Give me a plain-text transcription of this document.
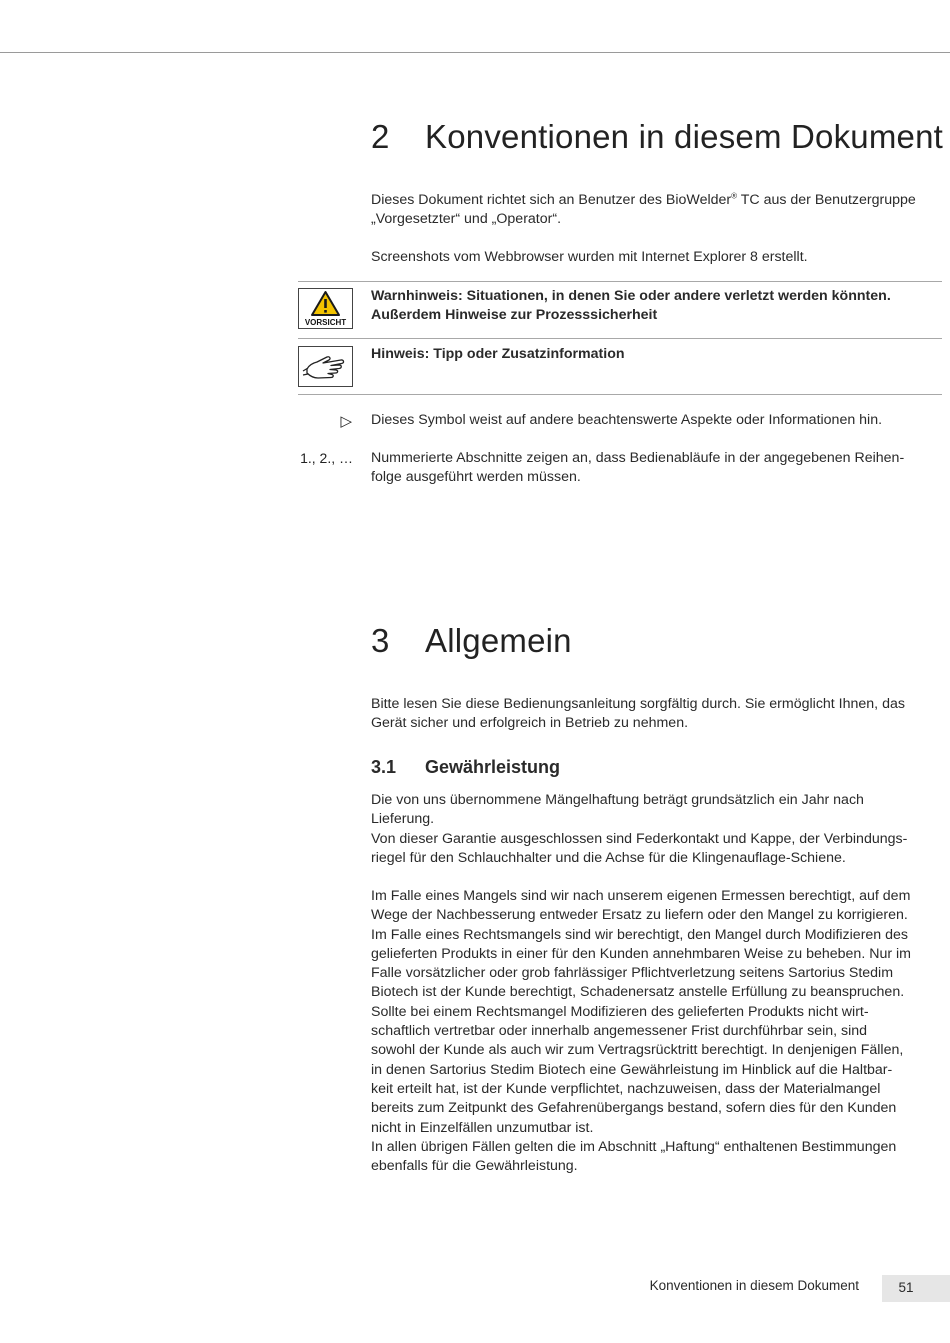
2 Konventionen in diesem Dokument
Dieses Dokument richtet sich an Benutzer des BioWelder® TC aus der Benutzergruppe
„Vorgesetzter“ und „Operator“.
Screenshots vom Webbrowser wurden mit Internet Explorer 8 erstellt.
VORSICHT
Warnhinweis: Situationen, in denen Sie oder andere verletzt werden könnten.
Außerdem Hinweise zur Prozesssicherheit
Hinweis: Tipp oder Zusatzinformation
▷ Dieses Symbol weist auf andere beachtenswerte Aspekte oder Informationen hin.
1., 2., … Nummerierte Abschnitte zeigen an, dass Bedienabläufe in der angegebenen Reihen-
folge ausgeführt werden müssen.
3 Allgemein
Bitte lesen Sie diese Bedienungsanleitung sorgfältig durch. Sie ermöglicht Ihnen, das
Gerät sicher und erfolgreich in Betrieb zu nehmen.
3.1 Gewährleistung
Die von uns übernommene Mängelhaftung beträgt grundsätzlich ein Jahr nach
Lieferung.
Von dieser Garantie ausgeschlossen sind Federkontakt und Kappe, der Verbindungs-
riegel für den Schlauchhalter und die Achse für die Klingenauflage-Schiene.
Im Falle eines Mangels sind wir nach unserem eigenen Ermessen berechtigt, auf dem
Wege der Nachbesserung entweder Ersatz zu liefern oder den Mangel zu korrigieren.
Im Falle eines Rechtsmangels sind wir berechtigt, den Mangel durch Modifizieren des
gelieferten Produkts in einer für den Kunden annehmbaren Weise zu beheben. Nur im
Falle vorsätzlicher oder grob fahrlässiger Pflichtverletzung seitens Sartorius Stedim
Biotech ist der Kunde berechtigt, Schadenersatz anstelle Erfüllung zu beanspruchen.
Sollte bei einem Rechtsmangel Modifizieren des gelieferten Produkts nicht wirt-
schaftlich vertretbar oder innerhalb angemessener Frist durchführbar sein, sind
sowohl der Kunde als auch wir zum Vertragsrücktritt berechtigt. In denjenigen Fällen,
in denen Sartorius Stedim Biotech eine Gewährleistung im Hinblick auf die Haltbar-
keit erteilt hat, ist der Kunde verpflichtet, nachzuweisen, dass der Materialmangel
bereits zum Zeitpunkt des Gefahrenübergangs bestand, sofern dies für den Kunden
nicht in Einzelfällen unzumutbar ist.
In allen übrigen Fällen gelten die im Abschnitt „Haftung“ enthaltenen Bestimmungen
ebenfalls für die Gewährleistung.
Konventionen in diesem Dokument	51
